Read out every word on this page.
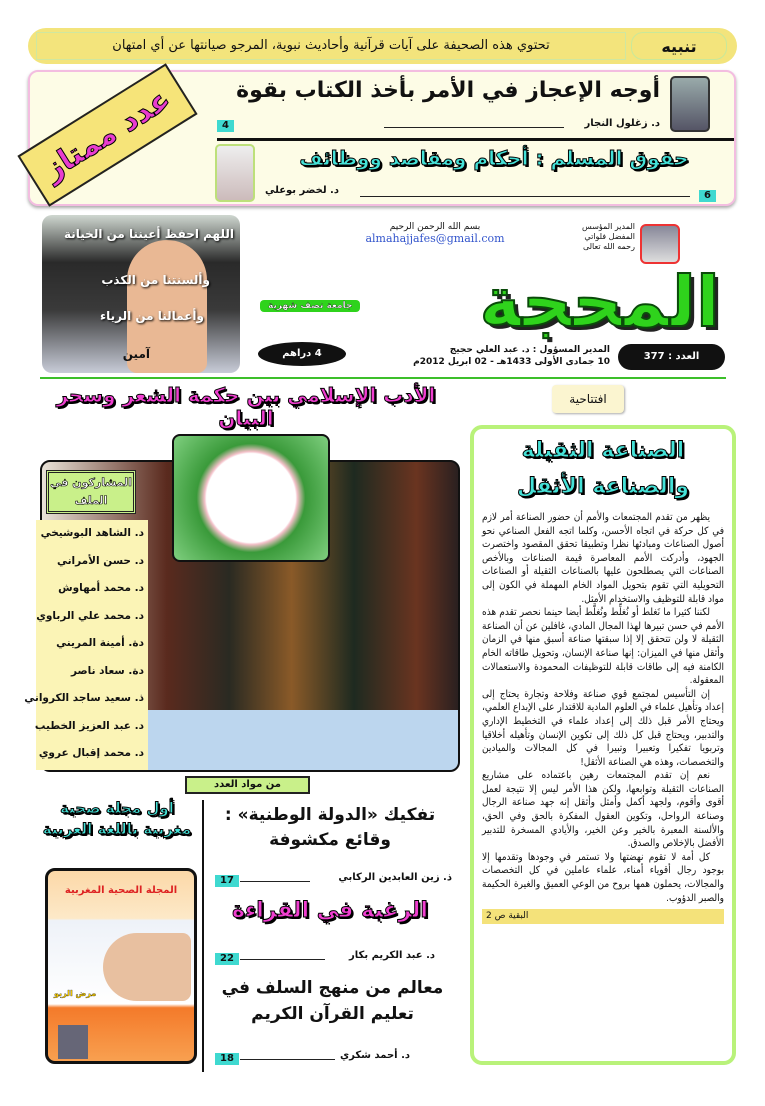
تنبيه
تحتوي هذه الصحيفة على آيات قرآنية وأحاديث نبوية، المرجو صيانتها عن أي امتهان
أوجه الإعجاز في الأمر بأخذ الكتاب بقوة
د. زغلول النجار
4
حقوق المسلم : أحكام ومقاصد ووظائف
د. لخضر بوعلي	6
عدد ممتاز
اللهم احفظ أعيننا من الخيانة
وألسنتنا من الكذب
وأعمالنا من الرياء
آمين
بسم الله الرحمن الرحيم
almahajjafes@gmail.com
المدير المؤسس
المفضل فلواتي
رحمه الله تعالى
المحجة
جامعة نصف شهرية
4 دراهم	المدير المسؤول : د. عبد العلي حجيج
10 جمادى الأولى 1433هـ - 02 ابريل 2012م	العدد : 377
افتتاحية
الصناعة الثقيلة
والصناعة الأثقل

يظهر من تقدم المجتمعات والأمم أن حضور الصناعة أمر لازم في كل حركة في اتجاه الأحسن، وكلما اتجه الفعل الصناعي نحو أصول الصناعات ومبادئها نظرا وتطبيقا تحقق المقصود واختصرت الجهود، وأدركت الأمم المعاصرة قيمة الصناعات وبالأخص الصناعات التي يصطلحون عليها بالصناعات الثقيلة أو الصناعات التحويلية التي تقوم بتحويل المواد الخام المهملة في الكون إلى مواد قابلة للتوظيف والاستخدام الأمثل.

لكننا كثيرا ما نَغلط أو نُغلِّط ونُغلَّط أيضا حينما نحصر تقدم هذه الأمم في حسن تبيرها لهذا المجال المادي، غافلين عن أن الصناعة الثقيلة لا ولن تتحقق إلا إذا سبقتها صناعة أسبق منها في الزمان وأثقل منها في الميزان: إنها صناعة الإنسان، وتحويل طاقاته الخام الكامنة فيه إلى طاقات قابلة للتوظيفات المحمودة والاستعمالات المعقولة.

إن التأسيس لمجتمع قوي صناعة وفلاحة وتجارة يحتاج إلى إعداد وتأهيل علماء في العلوم المادية للاقتدار على الإبداع العلمي، ويحتاج الأمر قبل ذلك إلى إعداد علماء في التخطيط الإداري والتدبير، ويحتاج قبل كل ذلك إلى تكوين الإنسان وتأهيله أخلاقيا وتربويا تفكيرا وتعبيرا وتبيرا في كل المجالات والميادين والتخصصات، وهذه هي الصناعة الأثقل!

نعم إن تقدم المجتمعات رهين باعتماده على مشاريع الصناعات الثقيلة وتوابعها، ولكن هذا الأمر ليس إلا نتيجة لعمل أقوى وأقوم، ولجهد أكمل وأمثل وأثقل إنه جهد صناعة الرجال وصناعة الرواحل، وتكوين العقول المفكرة بالحق وفي الحق، والألسنة المعبرة بالخير وعن الخير، والأيادي المسخرة للتدبير الأفضل بالإخلاص والصدق.

كل أمة لا تقوم نهضتها ولا تستمر في وجودها وتقدمها إلا بوجود رجال أقوياء أمناء، علماء عاملين في كل التخصصات والمجالات، يحملون همها بروح من الوعي العميق والغيرة الحكيمة والصبر الدؤوب.

البقية ص 2
الأدب الإسلامي بين حكمة الشعر وسحر البيان
المشاركون في الملف
د. الشاهد البوشيخي
د. حسن الأمراني
د. محمد أمهاوش
د. محمد علي الرباوي
دة. أمينة المريني
دة. سعاد ناصر
ذ. سعيد ساجد الكرواني
د. عبد العزيز الخطيب
د. محمد إقبال عروي
من مواد العدد
تفكيك «الدولة الوطنية» : وقائع مكشوفة
ذ. زين العابدين الركابي
17
الرغبة في القراءة
د. عبد الكريم بكار
22
معالم من منهج السلف في تعليم القرآن الكريم
د. أحمد شكري
18
أول مجلة صحية مغربية باللغة العربية
المجلة الصحية المغربية
مرض الربو
